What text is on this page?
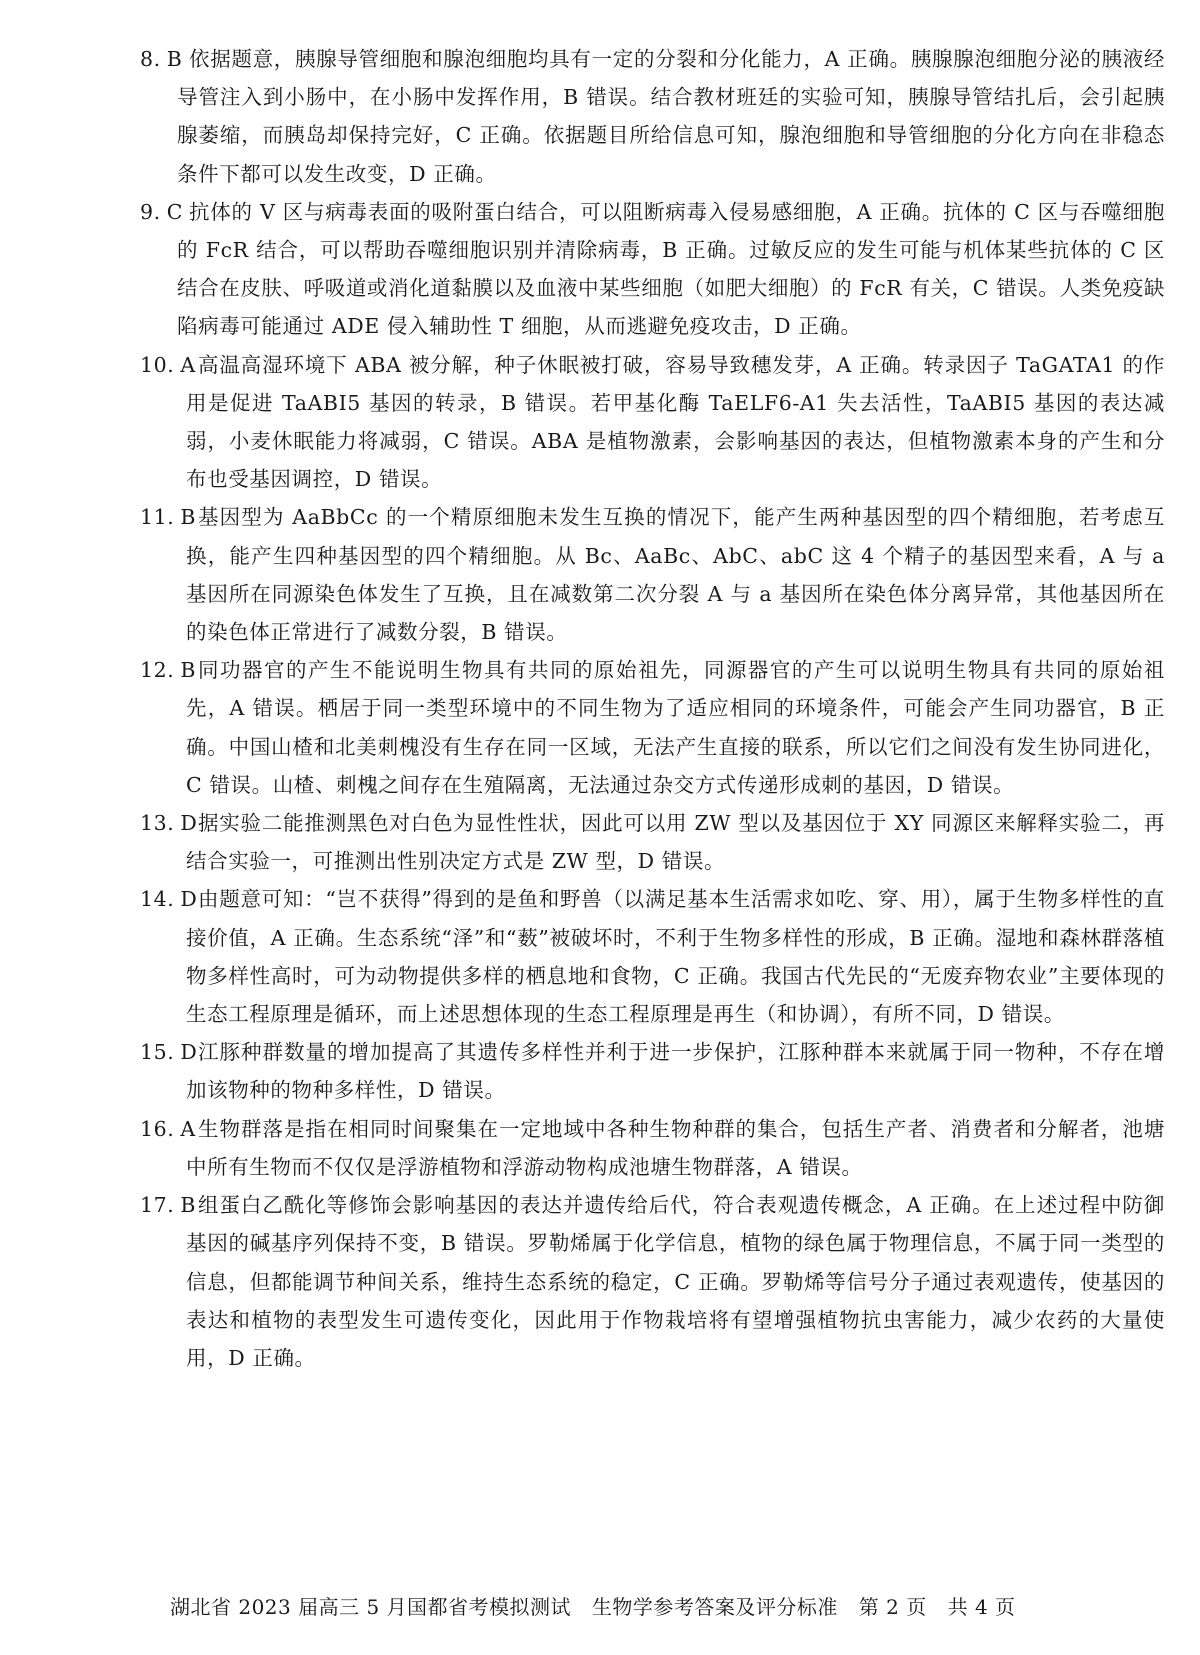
8. B 依据题意，胰腺导管细胞和腺泡细胞均具有一定的分裂和分化能力，A 正确。胰腺腺泡细胞分泌的胰液经导管注入到小肠中，在小肠中发挥作用，B 错误。结合教材班廷的实验可知，胰腺导管结扎后，会引起胰腺萎缩，而胰岛却保持完好，C 正确。依据题目所给信息可知，腺泡细胞和导管细胞的分化方向在非稳态条件下都可以发生改变，D 正确。
9. C 抗体的 V 区与病毒表面的吸附蛋白结合，可以阻断病毒入侵易感细胞，A 正确。抗体的 C 区与吞噬细胞的 FcR 结合，可以帮助吞噬细胞识别并清除病毒，B 正确。过敏反应的发生可能与机体某些抗体的 C 区结合在皮肤、呼吸道或消化道黏膜以及血液中某些细胞（如肥大细胞）的 FcR 有关，C 错误。人类免疫缺陷病毒可能通过 ADE 侵入辅助性 T 细胞，从而逃避免疫攻击，D 正确。
10. A 高温高湿环境下 ABA 被分解，种子休眠被打破，容易导致穗发芽，A 正确。转录因子 TaGATA1 的作用是促进 TaABI5 基因的转录，B 错误。若甲基化酶 TaELF6-A1 失去活性，TaABI5 基因的表达减弱，小麦休眠能力将减弱，C 错误。ABA 是植物激素，会影响基因的表达，但植物激素本身的产生和分布也受基因调控，D 错误。
11. B 基因型为 AaBbCc 的一个精原细胞未发生互换的情况下，能产生两种基因型的四个精细胞，若考虑互换，能产生四种基因型的四个精细胞。从 Bc、AaBc、AbC、abC 这 4 个精子的基因型来看，A 与 a 基因所在同源染色体发生了互换，且在减数第二次分裂 A 与 a 基因所在染色体分离异常，其他基因所在的染色体正常进行了减数分裂，B 错误。
12. B 同功器官的产生不能说明生物具有共同的原始祖先，同源器官的产生可以说明生物具有共同的原始祖先，A 错误。栖居于同一类型环境中的不同生物为了适应相同的环境条件，可能会产生同功器官，B 正确。中国山楂和北美刺槐没有生存在同一区域，无法产生直接的联系，所以它们之间没有发生协同进化，C 错误。山楂、刺槐之间存在生殖隔离，无法通过杂交方式传递形成刺的基因，D 错误。
13. D 据实验二能推测黑色对白色为显性性状，因此可以用 ZW 型以及基因位于 XY 同源区来解释实验二，再结合实验一，可推测出性别决定方式是 ZW 型，D 错误。
14. D 由题意可知：“岂不获得”得到的是鱼和野兽（以满足基本生活需求如吃、穿、用），属于生物多样性的直接价值，A 正确。生态系统“泽”和“薮”被破坏时，不利于生物多样性的形成，B 正确。湿地和森林群落植物多样性高时，可为动物提供多样的栖息地和食物，C 正确。我国古代先民的“无废弃物农业”主要体现的生态工程原理是循环，而上述思想体现的生态工程原理是再生（和协调），有所不同，D 错误。
15. D 江豚种群数量的增加提高了其遗传多样性并利于进一步保护，江豚种群本来就属于同一物种，不存在增加该物种的物种多样性，D 错误。
16. A 生物群落是指在相同时间聚集在一定地域中各种生物种群的集合，包括生产者、消费者和分解者，池塘中所有生物而不仅仅是浮游植物和浮游动物构成池塘生物群落，A 错误。
17. B 组蛋白乙酰化等修饰会影响基因的表达并遗传给后代，符合表观遗传概念，A 正确。在上述过程中防御基因的碱基序列保持不变，B 错误。罗勒烯属于化学信息，植物的绿色属于物理信息，不属于同一类型的信息，但都能调节种间关系，维持生态系统的稳定，C 正确。罗勒烯等信号分子通过表观遗传，使基因的表达和植物的表型发生可遗传变化，因此用于作物栽培将有望增强植物抗虫害能力，减少农药的大量使用，D 正确。
湖北省 2023 届高三 5 月国都省考模拟测试 生物学参考答案及评分标准 第 2 页 共 4 页
